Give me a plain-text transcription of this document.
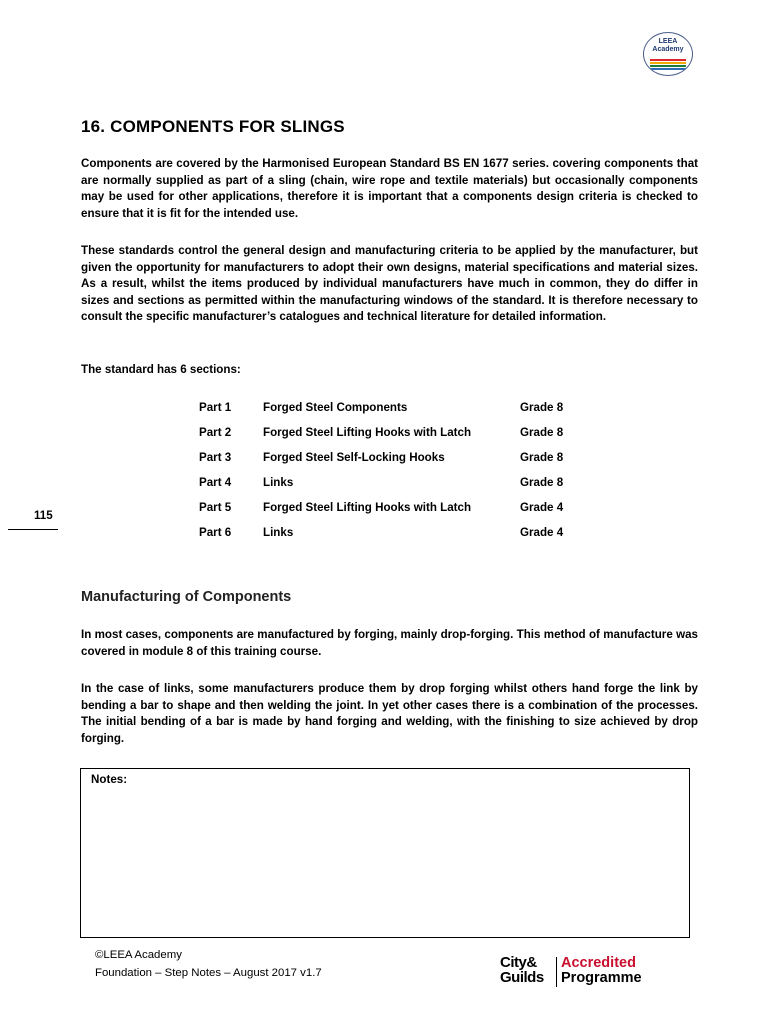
LEEA
Academy
16. COMPONENTS FOR SLINGS
Components are covered by the Harmonised European Standard BS EN 1677 series. covering components that are normally supplied as part of a sling (chain, wire rope and textile materials) but occasionally components may be used for other applications, therefore it is important that a components design criteria is checked to ensure that it is fit for the intended use.
These standards control the general design and manufacturing criteria to be applied by the manufacturer, but given the opportunity for manufacturers to adopt their own designs, material specifications and material sizes. As a result, whilst the items produced by individual manufacturers have much in common, they do differ in sizes and sections as permitted within the manufacturing windows of the standard. It is therefore necessary to consult the specific manufacturer’s catalogues and technical literature for detailed information.
The standard has 6 sections:
Part 1	Forged Steel Components	Grade 8
Part 2	Forged Steel Lifting Hooks with Latch	Grade 8
Part 3	Forged Steel Self-Locking Hooks	Grade 8
Part 4	Links	Grade 8
Part 5	Forged Steel Lifting Hooks with Latch	Grade 4
Part 6	Links	Grade 4
115
Manufacturing of Components
In most cases, components are manufactured by forging, mainly drop-forging. This method of manufacture was covered in module 8 of this training course.
In the case of links, some manufacturers produce them by drop forging whilst others hand forge the link by bending a bar to shape and then welding the joint. In yet other cases there is a combination of the processes. The initial bending of a bar is made by hand forging and welding, with the finishing to size achieved by drop forging.
Notes:
©LEEA Academy
Foundation – Step Notes – August 2017 v1.7
City&
Guilds
Accredited
Programme
